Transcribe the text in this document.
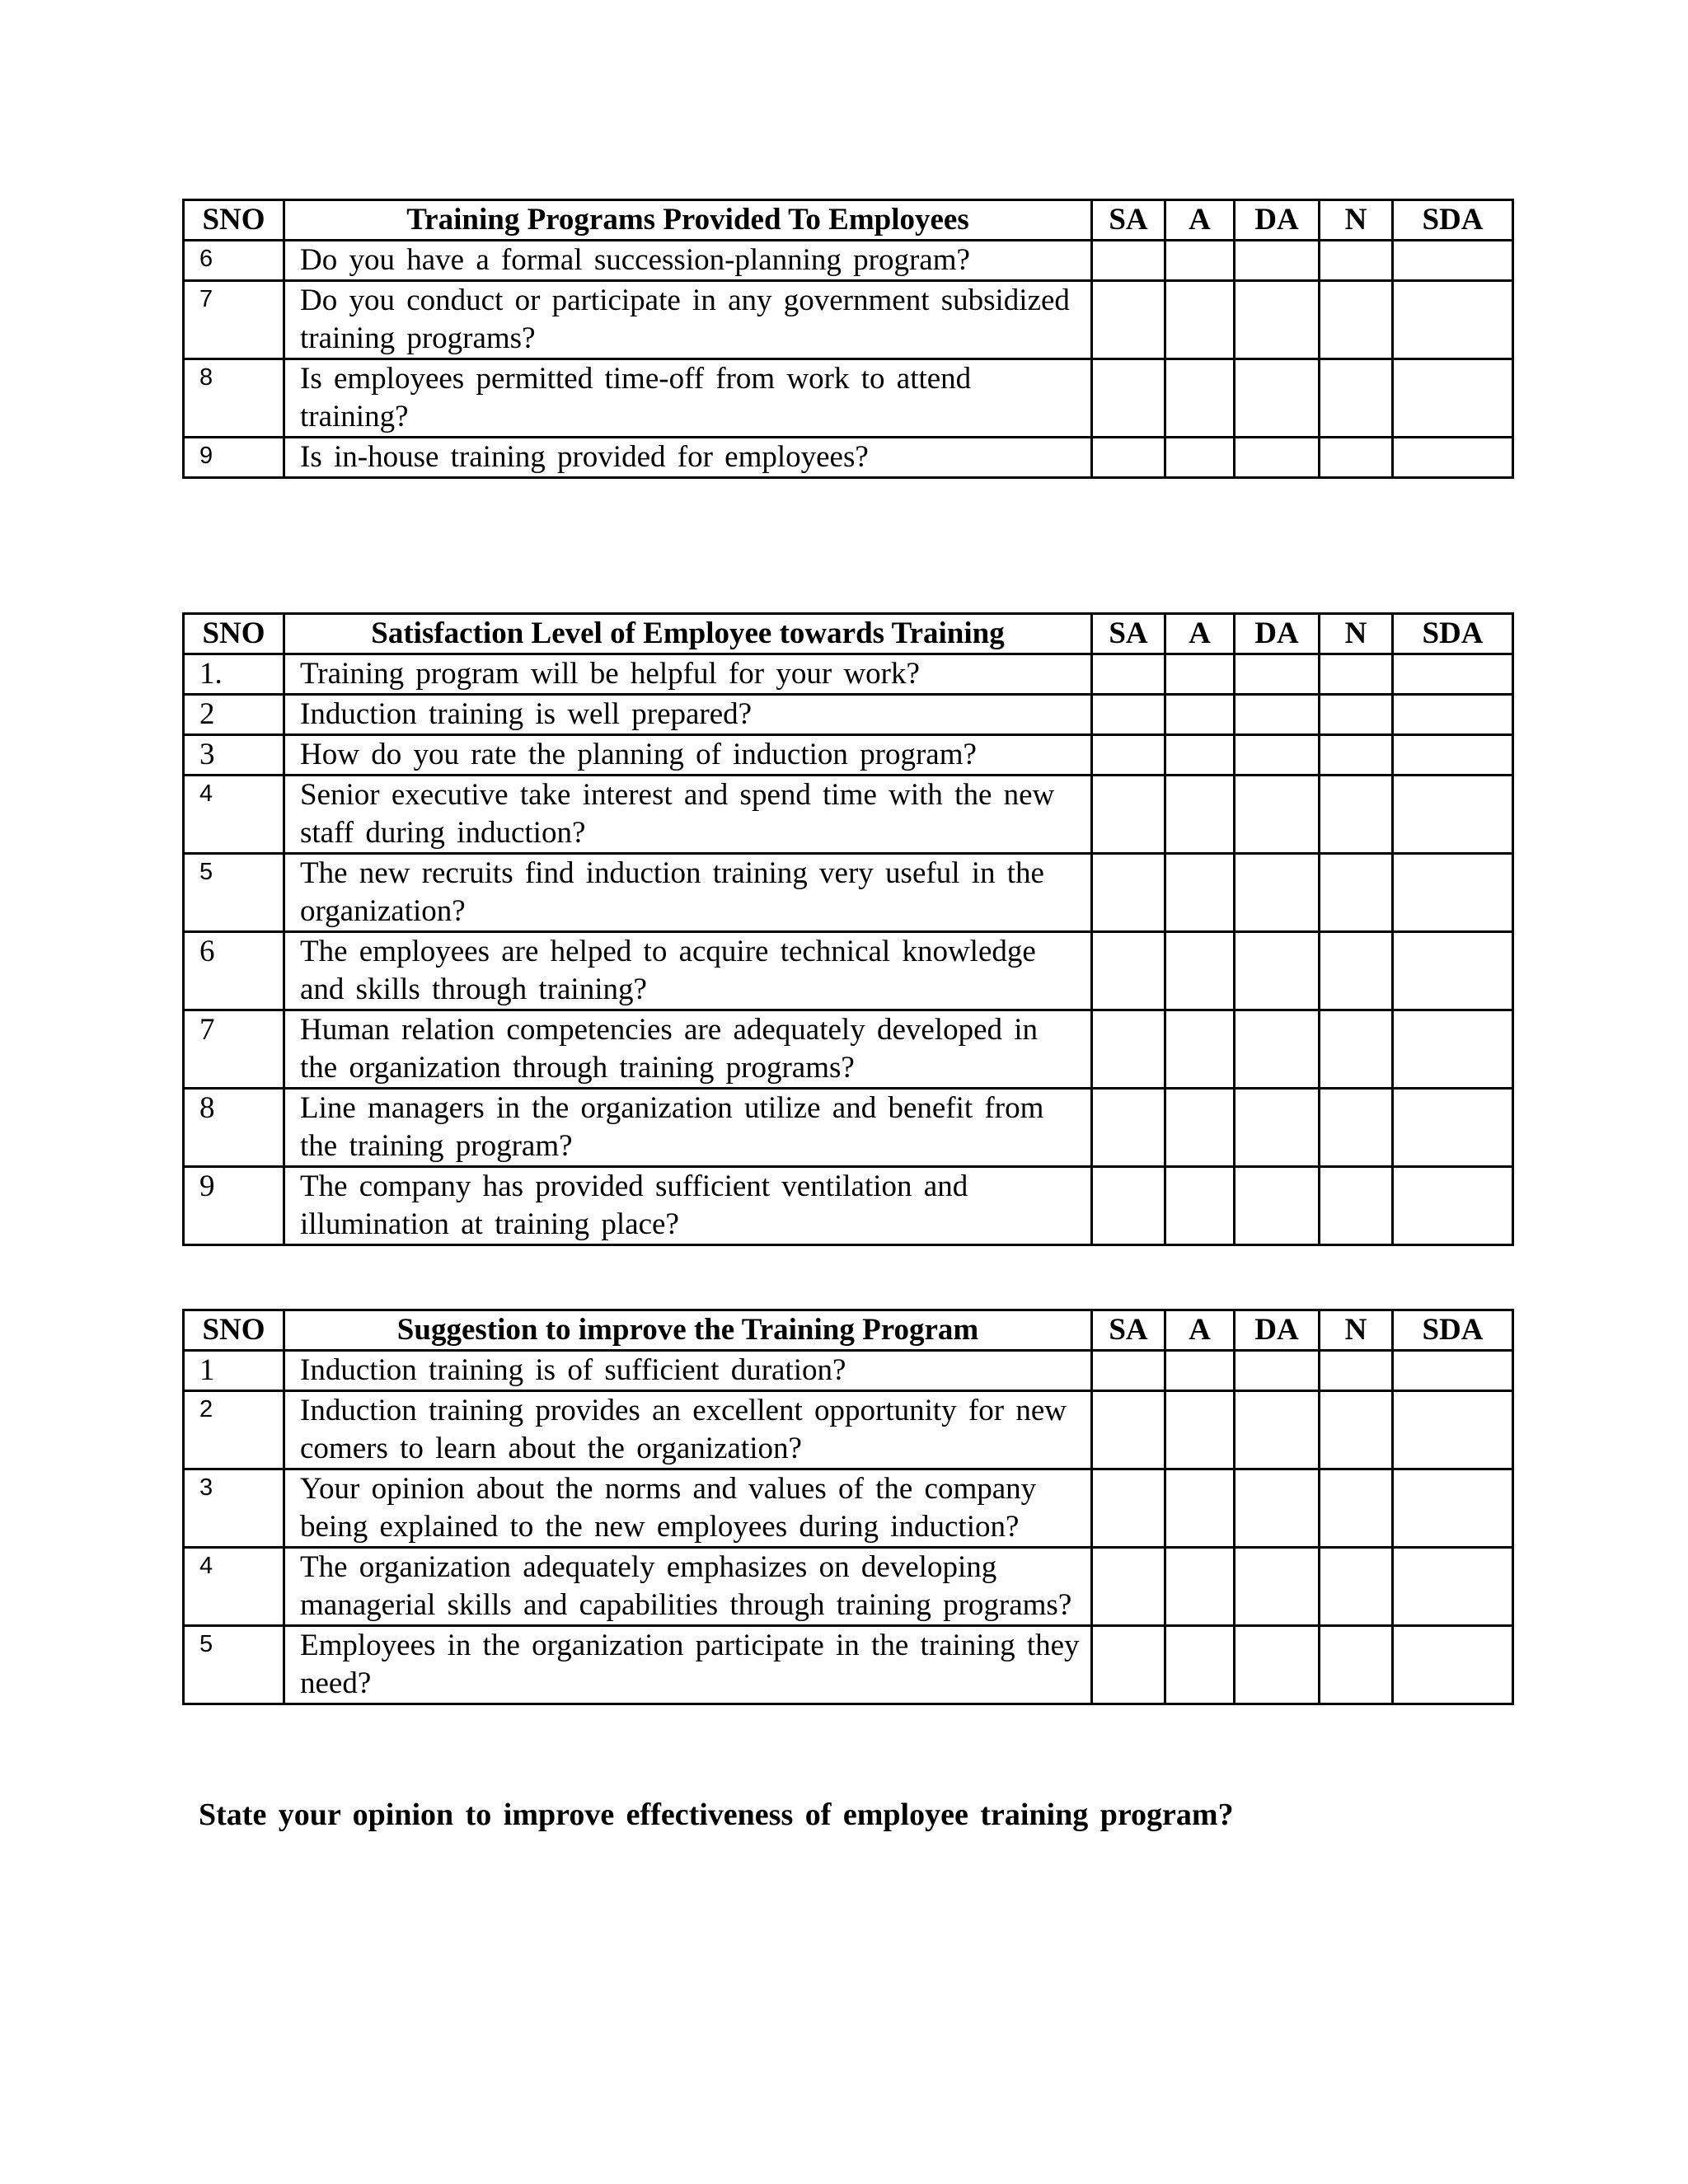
SNO	Training Programs Provided To Employees	SA	A	DA	N	SDA
6	Do you have a formal succession-planning program?					
7	Do you conduct or participate in any government subsidized training programs?					
8	Is employees permitted time-off from work to attend training?					
9	Is in-house training provided for employees?					
SNO	Satisfaction Level of Employee towards Training	SA	A	DA	N	SDA
1.	Training program will be helpful for your work?					
2	Induction training is well prepared?					
3	How do you rate the planning of induction program?					
4	Senior executive take interest and spend time with the new staff during induction?					
5	The new recruits find induction training very useful in the organization?					
6	The employees are helped to acquire technical knowledge and skills through training?					
7	Human relation competencies are adequately developed in the organization through training programs?					
8	Line managers in the organization utilize and benefit from the training program?					
9	The company has provided sufficient ventilation and illumination at training place?					
SNO	Suggestion to improve the Training Program	SA	A	DA	N	SDA
1	Induction training is of sufficient duration?					
2	Induction training provides an excellent opportunity for new comers to learn about the organization?					
3	Your opinion about the norms and values of the company being explained to the new employees during induction?					
4	The organization adequately emphasizes on developing managerial skills and capabilities through training programs?					
5	Employees in the organization participate in the training they need?					

State your opinion to improve effectiveness of employee training program?
